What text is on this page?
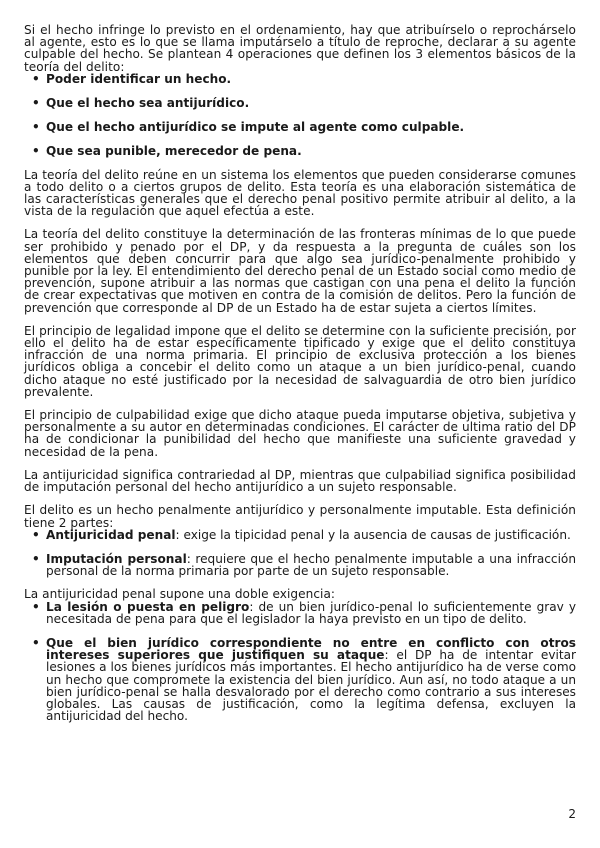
Si el hecho infringe lo previsto en el ordenamiento, hay que atribuírselo o reprochárselo al agente, esto es lo que se llama imputárselo a título de reproche, declarar a su agente culpable del hecho. Se plantean 4 operaciones que definen los 3 elementos básicos de la teoría del delito:

• Poder identificar un hecho.
• Que el hecho sea antijurídico.
• Que el hecho antijurídico se impute al agente como culpable.
• Que sea punible, merecedor de pena.

La teoría del delito reúne en un sistema los elementos que pueden considerarse comunes a todo delito o a ciertos grupos de delito. Esta teoría es una elaboración sistemática de las características generales que el derecho penal positivo permite atribuir al delito, a la vista de la regulación que aquel efectúa a este.

La teoría del delito constituye la determinación de las fronteras mínimas de lo que puede ser prohibido y penado por el DP, y da respuesta a la pregunta de cuáles son los elementos que deben concurrir para que algo sea jurídico-penalmente prohibido y punible por la ley. El entendimiento del derecho penal de un Estado social como medio de prevención, supone atribuir a las normas que castigan con una pena el delito la función de crear expectativas que motiven en contra de la comisión de delitos. Pero la función de prevención que corresponde al DP de un Estado ha de estar sujeta a ciertos límites.

El principio de legalidad impone que el delito se determine con la suficiente precisión, por ello el delito ha de estar específicamente tipificado y exige que el delito constituya infracción de una norma primaria. El principio de exclusiva protección a los bienes jurídicos obliga a concebir el delito como un ataque a un bien jurídico-penal, cuando dicho ataque no esté justificado por la necesidad de salvaguardia de otro bien jurídico prevalente.

El principio de culpabilidad exige que dicho ataque pueda imputarse objetiva, subjetiva y personalmente a su autor en determinadas condiciones. El carácter de ultima ratio del DP ha de condicionar la punibilidad del hecho que manifieste una suficiente gravedad y necesidad de la pena.

La antijuricidad significa contrariedad al DP, mientras que culpabiliad significa posibilidad de imputación personal del hecho antijurídico a un sujeto responsable.

El delito es un hecho penalmente antijurídico y personalmente imputable. Esta definición tiene 2 partes:

• Antijuricidad penal: exige la tipicidad penal y la ausencia de causas de justificación.
• Imputación personal: requiere que el hecho penalmente imputable a una infracción personal de la norma primaria por parte de un sujeto responsable.

La antijuricidad penal supone una doble exigencia:

• La lesión o puesta en peligro: de un bien jurídico-penal lo suficientemente grav y necesitada de pena para que el legislador la haya previsto en un tipo de delito.
• Que el bien jurídico correspondiente no entre en conflicto con otros intereses superiores que justifiquen su ataque: el DP ha de intentar evitar lesiones a los bienes jurídicos más importantes. El hecho antijurídico ha de verse como un hecho que compromete la existencia del bien jurídico. Aun así, no todo ataque a un bien jurídico-penal se halla desvalorado por el derecho como contrario a sus intereses globales. Las causas de justificación, como la legítima defensa, excluyen la antijuricidad del hecho.
2
